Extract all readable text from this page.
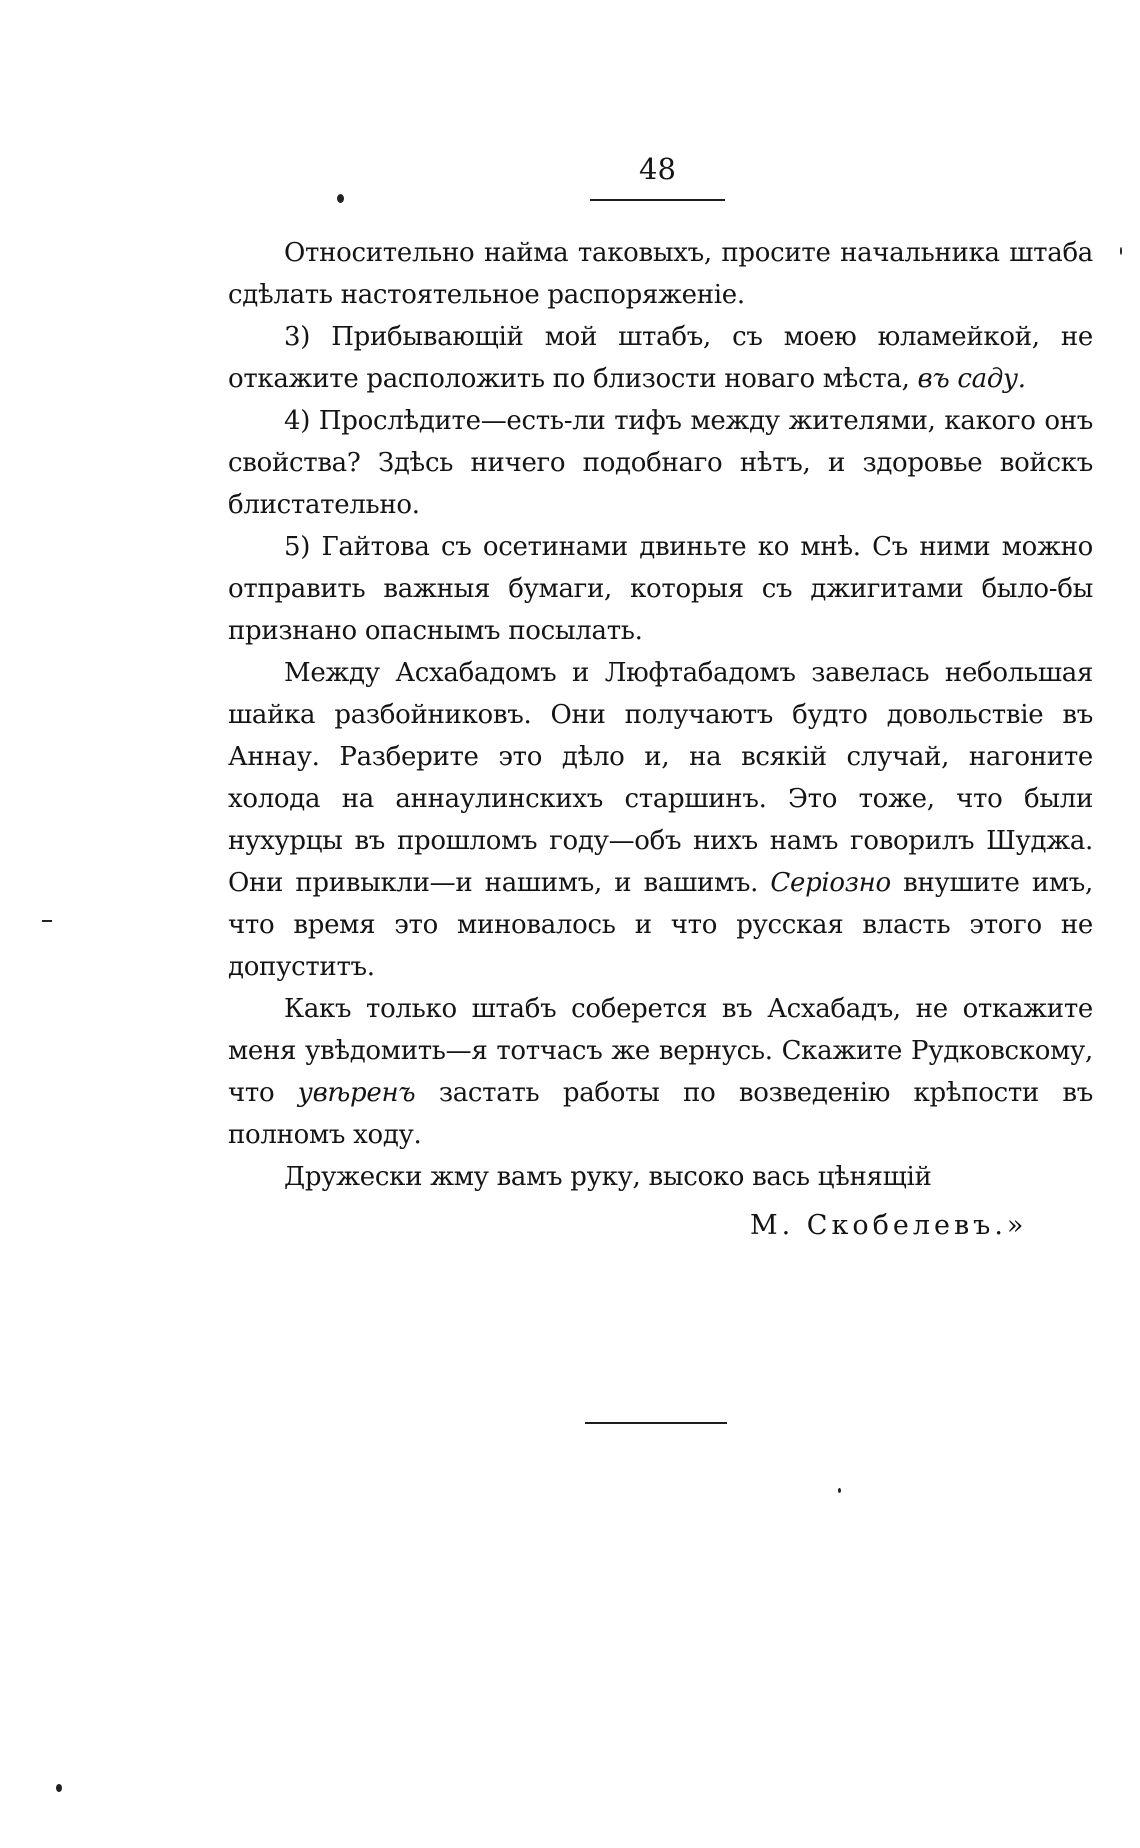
48

Относительно найма таковыхъ, просите начальника штаба сдѣлать настоятельное распоряженіе.

3) Прибывающій мой штабъ, съ моею юламейкой, не откажите расположить по близости новаго мѣста, въ саду.

4) Прослѣдите—есть-ли тифъ между жителями, какого онъ свойства? Здѣсь ничего подобнаго нѣтъ, и здоровье войскъ блистательно.

5) Гайтова съ осетинами двиньте ко мнѣ. Съ ними можно отправить важныя бумаги, которыя съ джигитами было-бы признано опаснымъ посылать.

Между Асхабадомъ и Люфтабадомъ завелась небольшая шайка разбойниковъ. Они получаютъ будто довольствіе въ Аннау. Разберите это дѣло и, на всякій случай, нагоните холода на аннаулинскихъ старшинъ. Это тоже, что были нухурцы въ прошломъ году—объ нихъ намъ говорилъ Шуджа. Они привыкли—и нашимъ, и вашимъ. Серіозно внушите имъ, что время это миновалось и что русская власть этого не допуститъ.

Какъ только штабъ соберется въ Асхабадъ, не откажите меня увѣдомить—я тотчасъ же вернусь. Скажите Рудковскому, что увѣренъ застать работы по возведенію крѣпости въ полномъ ходу.

Дружески жму вамъ руку, высоко вась цѣнящій

М. Скобелевъ.»
